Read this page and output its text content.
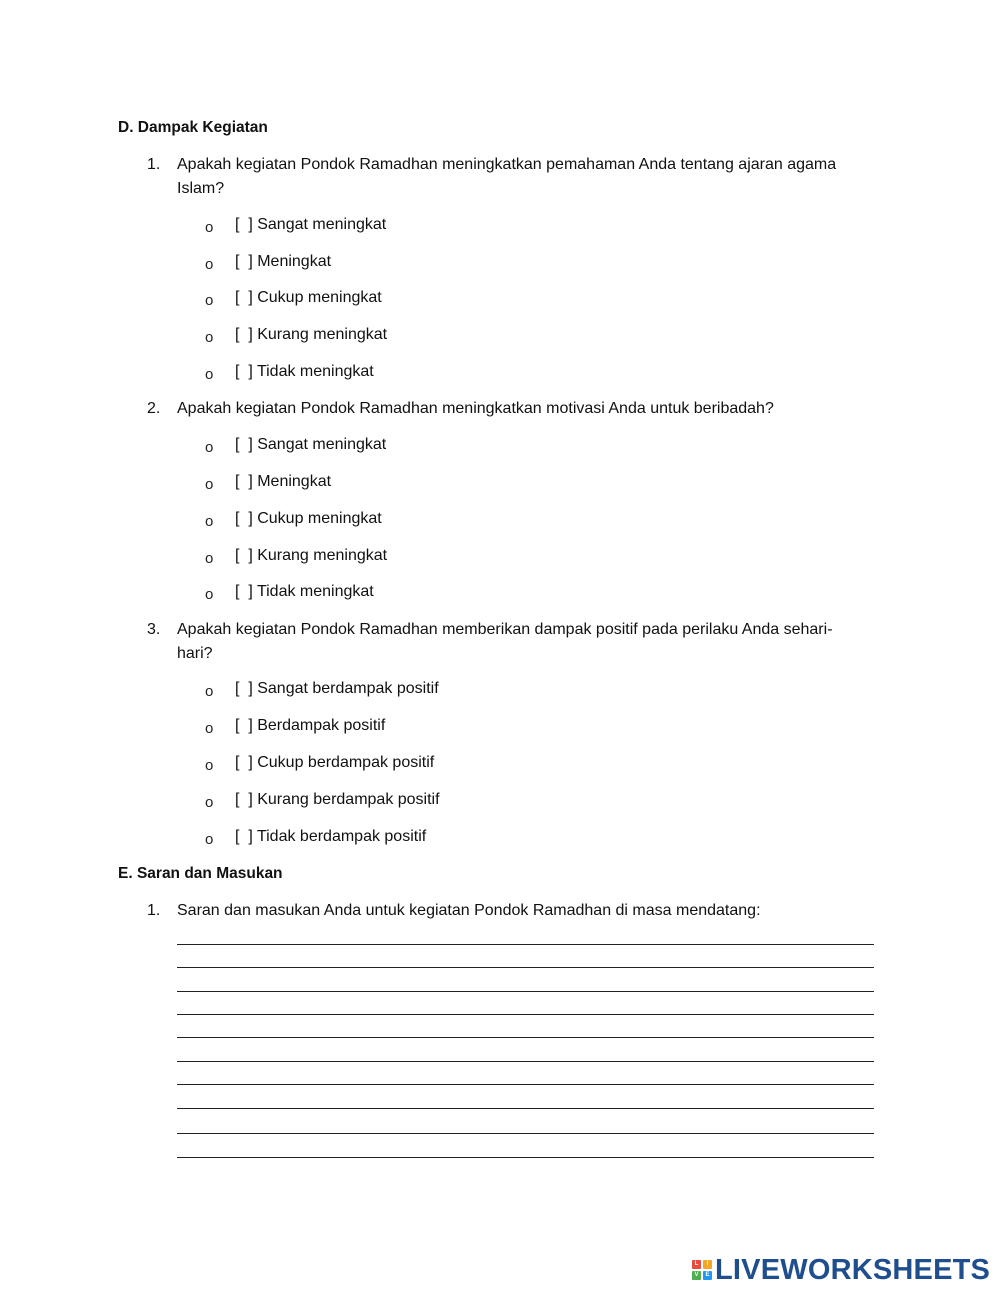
D. Dampak Kegiatan
1. Apakah kegiatan Pondok Ramadhan meningkatkan pemahaman Anda tentang ajaran agama Islam?
o [  ] Sangat meningkat
o [  ] Meningkat
o [  ] Cukup meningkat
o [  ] Kurang meningkat
o [  ] Tidak meningkat
2. Apakah kegiatan Pondok Ramadhan meningkatkan motivasi Anda untuk beribadah?
o [  ] Sangat meningkat
o [  ] Meningkat
o [  ] Cukup meningkat
o [  ] Kurang meningkat
o [  ] Tidak meningkat
3. Apakah kegiatan Pondok Ramadhan memberikan dampak positif pada perilaku Anda sehari-hari?
o [  ] Sangat berdampak positif
o [  ] Berdampak positif
o [  ] Cukup berdampak positif
o [  ] Kurang berdampak positif
o [  ] Tidak berdampak positif
E. Saran dan Masukan
1. Saran dan masukan Anda untuk kegiatan Pondok Ramadhan di masa mendatang:
L	I
V	E LIVEWORKSHEETS
